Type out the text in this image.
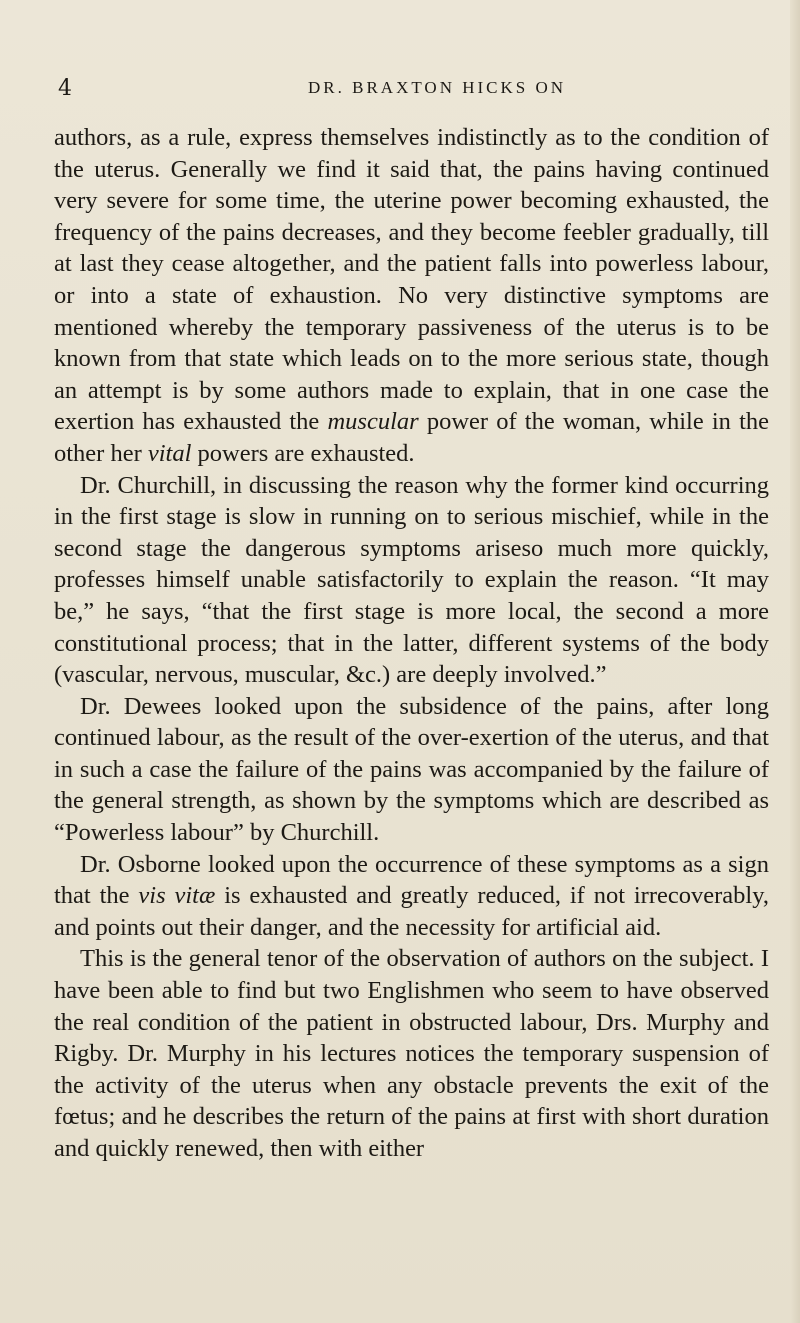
4	DR. BRAXTON HICKS ON

authors, as a rule, express themselves indistinctly as to the condition of the uterus. Generally we find it said that, the pains having continued very severe for some time, the uterine power becoming exhausted, the frequency of the pains decreases, and they become feebler gradually, till at last they cease altogether, and the patient falls into powerless labour, or into a state of exhaustion. No very distinctive symptoms are mentioned whereby the temporary passiveness of the uterus is to be known from that state which leads on to the more serious state, though an attempt is by some authors made to explain, that in one case the exertion has exhausted the muscular power of the woman, while in the other her vital powers are exhausted.

Dr. Churchill, in discussing the reason why the former kind occurring in the first stage is slow in running on to serious mischief, while in the second stage the dangerous symptoms ariseso much more quickly, professes himself unable satisfactorily to explain the reason. “It may be,” he says, “that the first stage is more local, the second a more constitutional process; that in the latter, different systems of the body (vascular, nervous, muscular, &c.) are deeply involved.”

Dr. Dewees looked upon the subsidence of the pains, after long continued labour, as the result of the over-exertion of the uterus, and that in such a case the failure of the pains was accompanied by the failure of the general strength, as shown by the symptoms which are described as “Powerless labour” by Churchill.

Dr. Osborne looked upon the occurrence of these symptoms as a sign that the vis vitæ is exhausted and greatly reduced, if not irrecoverably, and points out their danger, and the necessity for artificial aid.

This is the general tenor of the observation of authors on the subject. I have been able to find but two Englishmen who seem to have observed the real condition of the patient in obstructed labour, Drs. Murphy and Rigby. Dr. Murphy in his lectures notices the temporary suspension of the activity of the uterus when any obstacle prevents the exit of the fœtus; and he describes the return of the pains at first with short duration and quickly renewed, then with either
